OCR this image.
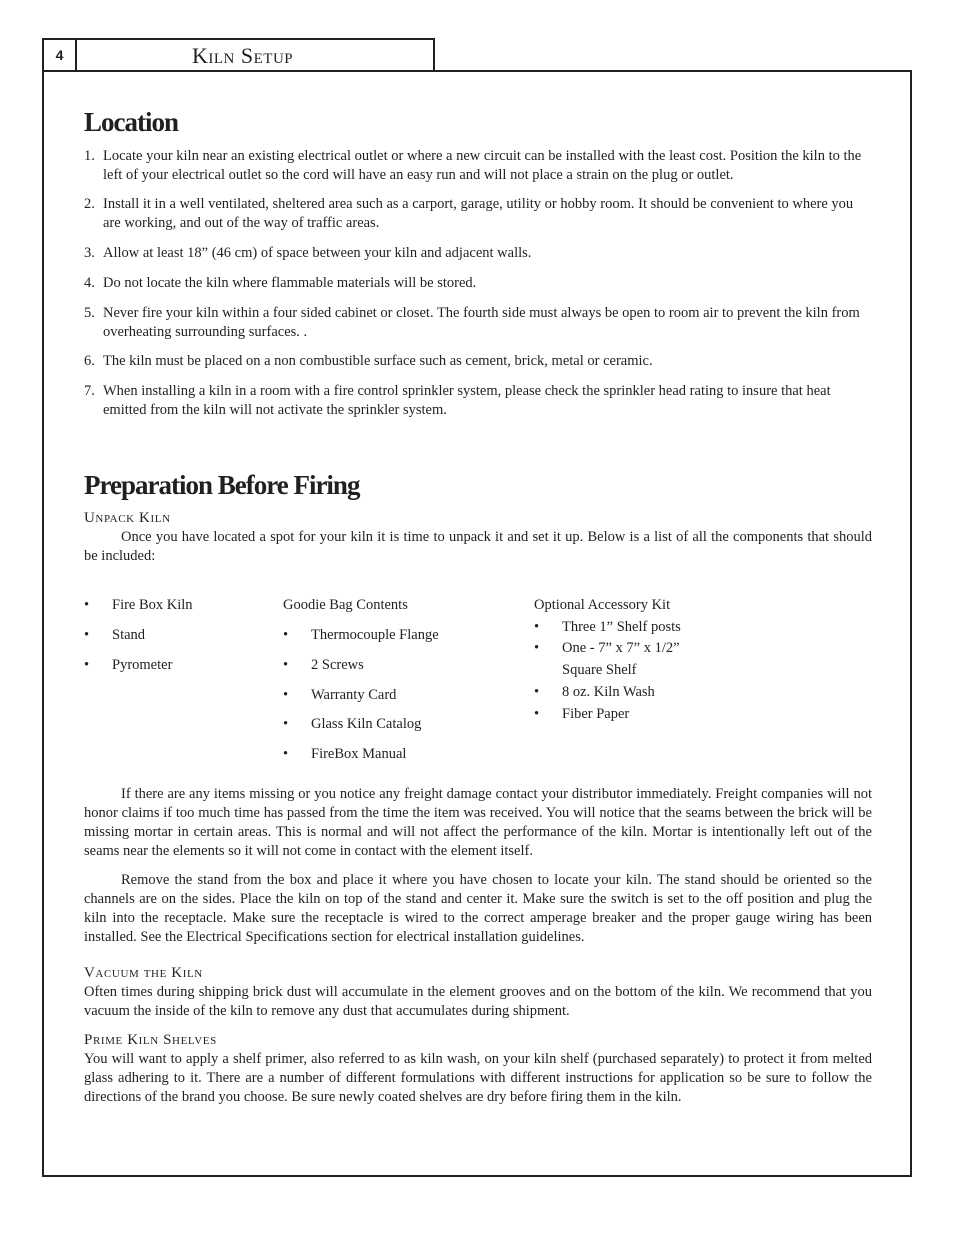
4	Kiln Setup
Location
1. Locate your kiln near an existing electrical outlet or where a new circuit can be installed with the least cost. Position the kiln to the left of your electrical outlet so the cord will have an easy run and will not place a strain on the plug or outlet.
2. Install it in a well ventilated, sheltered area such as a carport, garage, utility or hobby room. It should be convenient to where you are working, and out of the way of traffic areas.
3. Allow at least 18” (46 cm) of space between your kiln and adjacent walls.
4. Do not locate the kiln where flammable materials will be stored.
5. Never fire your kiln within a four sided cabinet or closet. The fourth side must always be open to room air to prevent the kiln from overheating surrounding surfaces. .
6. The kiln must be placed on a non combustible surface such as cement, brick, metal or ceramic.
7. When installing a kiln in a room with a fire control sprinkler system, please check the sprinkler head rating to insure that heat emitted from the kiln will not activate the sprinkler system.
Preparation Before Firing
Unpack Kiln
Once you have located a spot for your kiln it is time to unpack it and set it up. Below is a list of all the components that should be included:
•	Fire Box Kiln
•	Stand
•	Pyrometer
Goodie Bag Contents
•	Thermocouple Flange
•	2 Screws
•	Warranty Card
•	Glass Kiln Catalog
•	FireBox Manual
Optional Accessory Kit
•	Three 1” Shelf posts
•	One - 7” x 7” x 1/2”
Square Shelf
•	8 oz. Kiln Wash
•	Fiber Paper
If there are any items missing or you notice any freight damage contact your distributor immediately. Freight companies will not honor claims if too much time has passed from the time the item was received. You will notice that the seams between the brick will be missing mortar in certain areas. This is normal and will not affect the performance of the kiln. Mortar is intentionally left out of the seams near the elements so it will not come in contact with the element itself.
Remove the stand from the box and place it where you have chosen to locate your kiln. The stand should be oriented so the channels are on the sides. Place the kiln on top of the stand and center it. Make sure the switch is set to the off position and plug the kiln into the receptacle. Make sure the receptacle is wired to the correct amperage breaker and the proper gauge wiring has been installed. See the Electrical Specifications section for electrical installation guidelines.
Vacuum the Kiln
Often times during shipping brick dust will accumulate in the element grooves and on the bottom of the kiln. We recommend that you vacuum the inside of the kiln to remove any dust that accumulates during shipment.
Prime Kiln Shelves
You will want to apply a shelf primer, also referred to as kiln wash, on your kiln shelf (purchased separately) to protect it from melted glass adhering to it. There are a number of different formulations with different instructions for application so be sure to follow the directions of the brand you choose. Be sure newly coated shelves are dry before firing them in the kiln.
